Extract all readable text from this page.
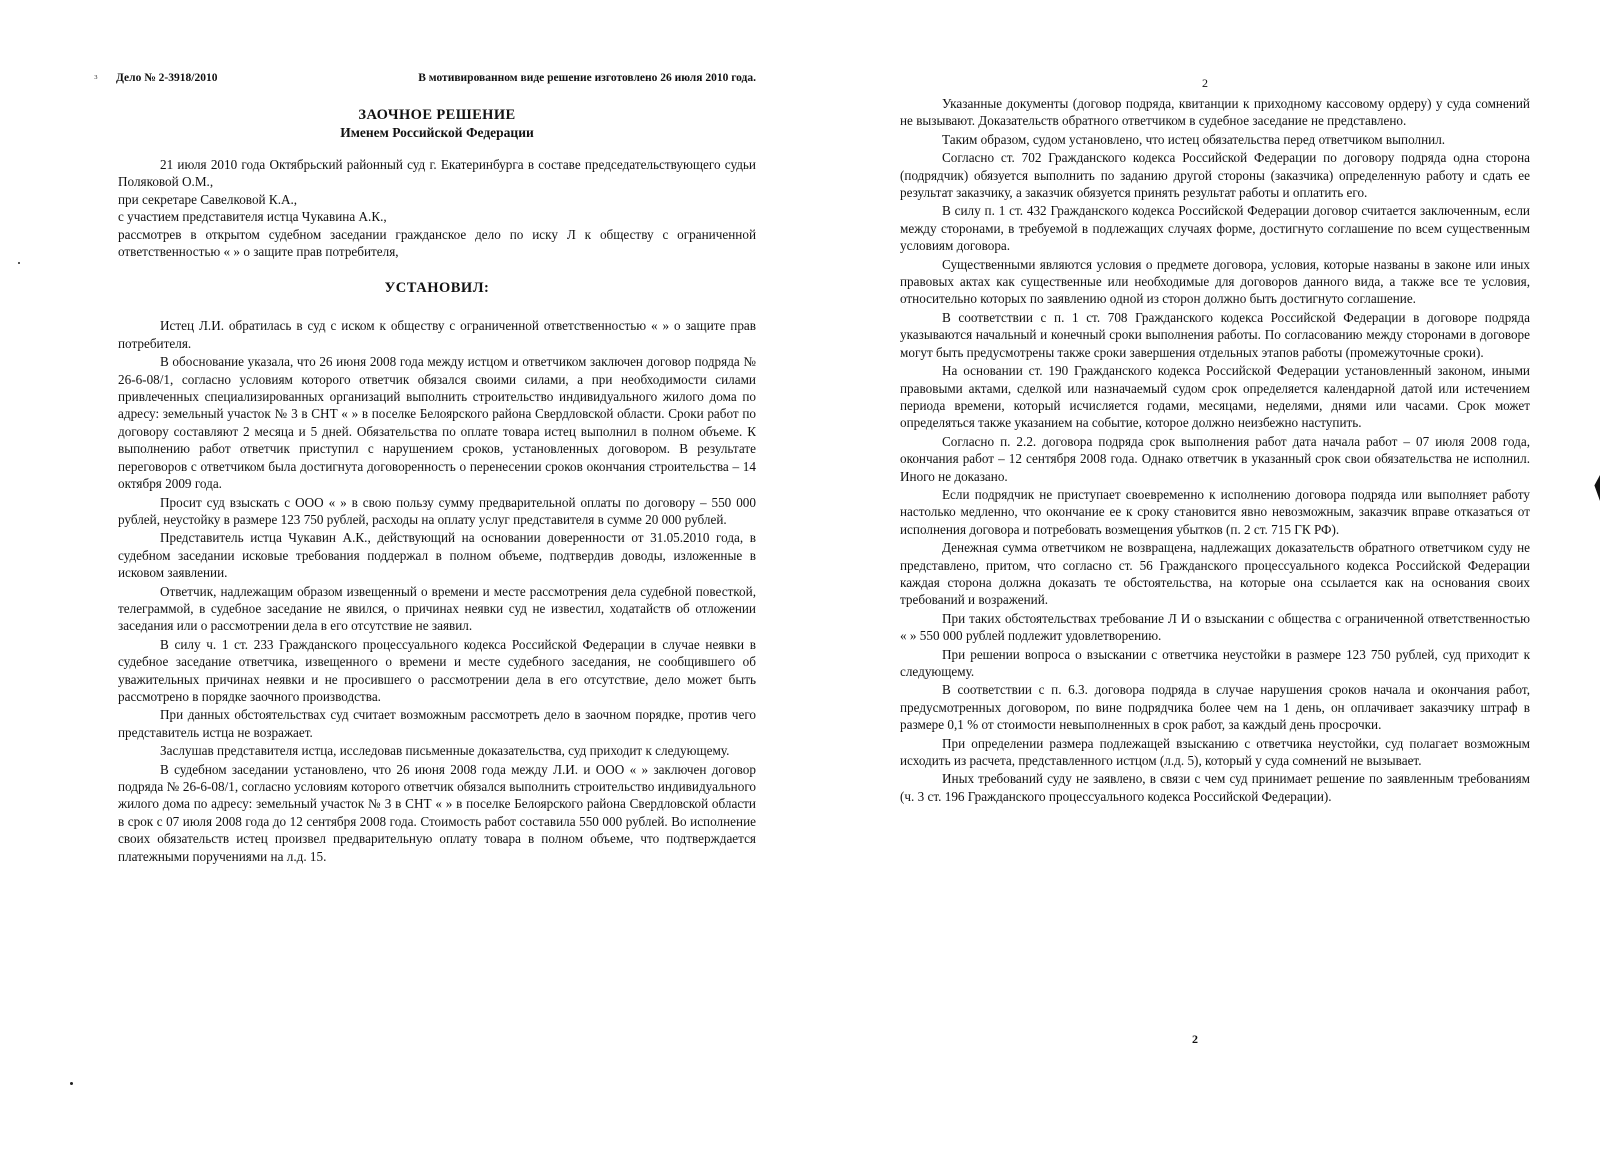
₃ Дело № 2-3918/2010	В мотивированном виде решение изготовлено 26 июля 2010 года.
ЗАОЧНОЕ РЕШЕНИЕ
Именем Российской Федерации

21 июля 2010 года Октябрьский районный суд г. Екатеринбурга в составе председательствующего судьи Поляковой О.М.,

при секретаре Савелковой К.А.,

с участием представителя истца Чукавина А.К.,

рассмотрев в открытом судебном заседании гражданское дело по иску Л к обществу с ограниченной ответственностью « » о защите прав потребителя,

УСТАНОВИЛ:

Истец Л.И. обратилась в суд с иском к обществу с ограниченной ответственностью « » о защите прав потребителя.

В обоснование указала, что 26 июня 2008 года между истцом и ответчиком заключен договор подряда № 26-6-08/1, согласно условиям которого ответчик обязался своими силами, а при необходимости силами привлеченных специализированных организаций выполнить строительство индивидуального жилого дома по адресу: земельный участок № 3 в СНТ « » в поселке Белоярского района Свердловской области. Сроки работ по договору составляют 2 месяца и 5 дней. Обязательства по оплате товара истец выполнил в полном объеме. К выполнению работ ответчик приступил с нарушением сроков, установленных договором. В результате переговоров с ответчиком была достигнута договоренность о перенесении сроков окончания строительства – 14 октября 2009 года.

Просит суд взыскать с ООО « » в свою пользу сумму предварительной оплаты по договору – 550 000 рублей, неустойку в размере 123 750 рублей, расходы на оплату услуг представителя в сумме 20 000 рублей.

Представитель истца Чукавин А.К., действующий на основании доверенности от 31.05.2010 года, в судебном заседании исковые требования поддержал в полном объеме, подтвердив доводы, изложенные в исковом заявлении.

Ответчик, надлежащим образом извещенный о времени и месте рассмотрения дела судебной повесткой, телеграммой, в судебное заседание не явился, о причинах неявки суд не известил, ходатайств об отложении заседания или о рассмотрении дела в его отсутствие не заявил.

В силу ч. 1 ст. 233 Гражданского процессуального кодекса Российской Федерации в случае неявки в судебное заседание ответчика, извещенного о времени и месте судебного заседания, не сообщившего об уважительных причинах неявки и не просившего о рассмотрении дела в его отсутствие, дело может быть рассмотрено в порядке заочного производства.

При данных обстоятельствах суд считает возможным рассмотреть дело в заочном порядке, против чего представитель истца не возражает.

Заслушав представителя истца, исследовав письменные доказательства, суд приходит к следующему.

В судебном заседании установлено, что 26 июня 2008 года между Л.И. и ООО « » заключен договор подряда № 26-6-08/1, согласно условиям которого ответчик обязался выполнить строительство индивидуального жилого дома по адресу: земельный участок № 3 в СНТ « » в поселке Белоярского района Свердловской области в срок с 07 июля 2008 года до 12 сентября 2008 года. Стоимость работ составила 550 000 рублей. Во исполнение своих обязательств истец произвел предварительную оплату товара в полном объеме, что подтверждается платежными поручениями на л.д. 15.

2

Указанные документы (договор подряда, квитанции к приходному кассовому ордеру) у суда сомнений не вызывают. Доказательств обратного ответчиком в судебное заседание не представлено.

Таким образом, судом установлено, что истец обязательства перед ответчиком выполнил.

Согласно ст. 702 Гражданского кодекса Российской Федерации по договору подряда одна сторона (подрядчик) обязуется выполнить по заданию другой стороны (заказчика) определенную работу и сдать ее результат заказчику, а заказчик обязуется принять результат работы и оплатить его.

В силу п. 1 ст. 432 Гражданского кодекса Российской Федерации договор считается заключенным, если между сторонами, в требуемой в подлежащих случаях форме, достигнуто соглашение по всем существенным условиям договора.

Существенными являются условия о предмете договора, условия, которые названы в законе или иных правовых актах как существенные или необходимые для договоров данного вида, а также все те условия, относительно которых по заявлению одной из сторон должно быть достигнуто соглашение.

В соответствии с п. 1 ст. 708 Гражданского кодекса Российской Федерации в договоре подряда указываются начальный и конечный сроки выполнения работы. По согласованию между сторонами в договоре могут быть предусмотрены также сроки завершения отдельных этапов работы (промежуточные сроки).

На основании ст. 190 Гражданского кодекса Российской Федерации установленный законом, иными правовыми актами, сделкой или назначаемый судом срок определяется календарной датой или истечением периода времени, который исчисляется годами, месяцами, неделями, днями или часами. Срок может определяться также указанием на событие, которое должно неизбежно наступить.

Согласно п. 2.2. договора подряда срок выполнения работ дата начала работ – 07 июля 2008 года, окончания работ – 12 сентября 2008 года. Однако ответчик в указанный срок свои обязательства не исполнил. Иного не доказано.

Если подрядчик не приступает своевременно к исполнению договора подряда или выполняет работу настолько медленно, что окончание ее к сроку становится явно невозможным, заказчик вправе отказаться от исполнения договора и потребовать возмещения убытков (п. 2 ст. 715 ГК РФ).

Денежная сумма ответчиком не возвращена, надлежащих доказательств обратного ответчиком суду не представлено, притом, что согласно ст. 56 Гражданского процессуального кодекса Российской Федерации каждая сторона должна доказать те обстоятельства, на которые она ссылается как на основания своих требований и возражений.

При таких обстоятельствах требование Л И о взыскании с общества с ограниченной ответственностью « » 550 000 рублей подлежит удовлетворению.

При решении вопроса о взыскании с ответчика неустойки в размере 123 750 рублей, суд приходит к следующему.

В соответствии с п. 6.3. договора подряда в случае нарушения сроков начала и окончания работ, предусмотренных договором, по вине подрядчика более чем на 1 день, он оплачивает заказчику штраф в размере 0,1 % от стоимости невыполненных в срок работ, за каждый день просрочки.

При определении размера подлежащей взысканию с ответчика неустойки, суд полагает возможным исходить из расчета, представленного истцом (л.д. 5), который у суда сомнений не вызывает.

Иных требований суду не заявлено, в связи с чем суд принимает решение по заявленным требованиям (ч. 3 ст. 196 Гражданского процессуального кодекса Российской Федерации).

2
